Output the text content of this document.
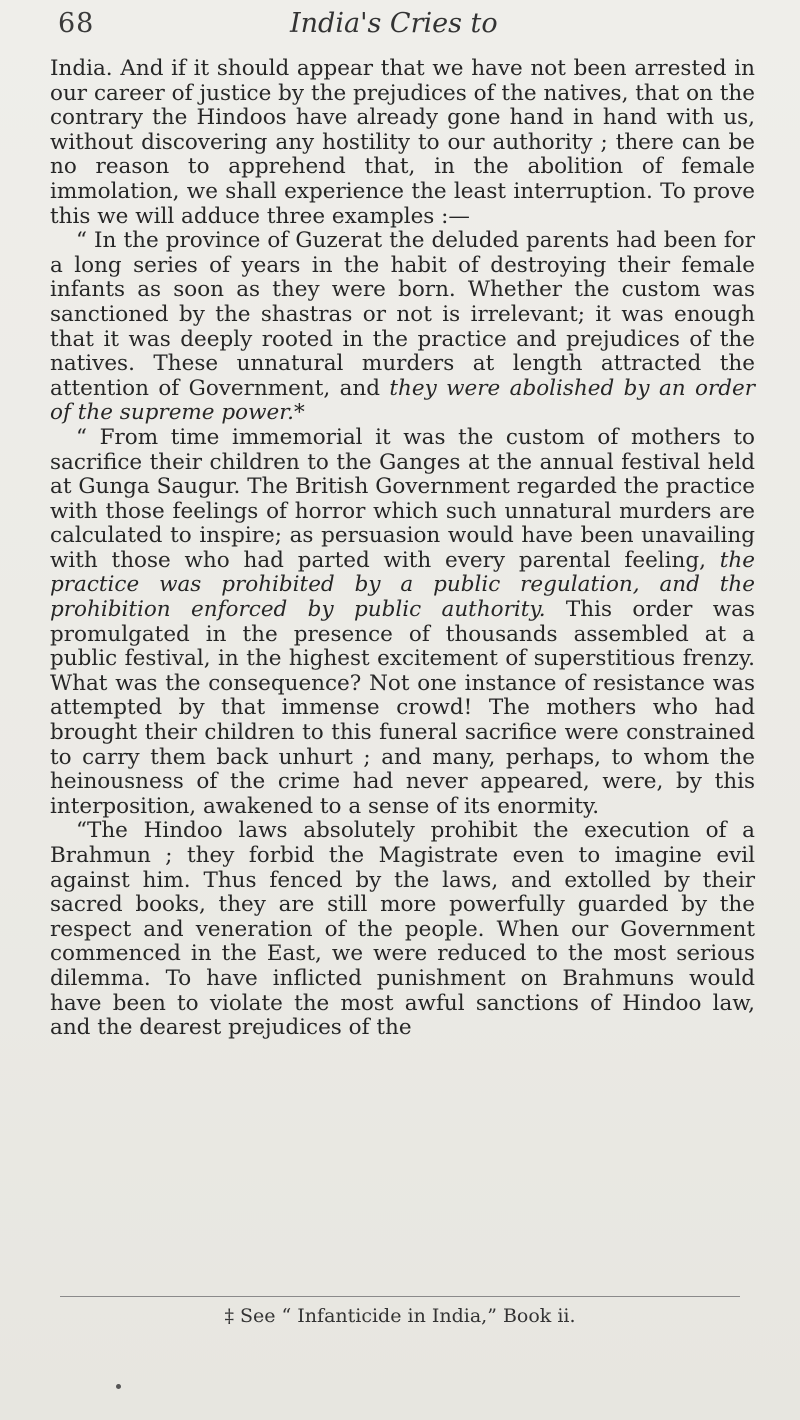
68	India's Cries to

India. And if it should appear that we have not been arrested in our career of justice by the prejudices of the natives, that on the contrary the Hindoos have already gone hand in hand with us, without discovering any hostility to our authority ; there can be no reason to apprehend that, in the abolition of female immolation, we shall experience the least interruption. To prove this we will adduce three examples :—

“ In the province of Guzerat the deluded parents had been for a long series of years in the habit of destroying their female infants as soon as they were born. Whether the custom was sanctioned by the shastras or not is irrelevant; it was enough that it was deeply rooted in the practice and prejudices of the natives. These unnatural murders at length attracted the attention of Government, and they were abolished by an order of the supreme power.*

“ From time immemorial it was the custom of mothers to sacrifice their children to the Ganges at the annual festival held at Gunga Saugur. The British Government regarded the practice with those feelings of horror which such unnatural murders are calculated to inspire; as persuasion would have been unavailing with those who had parted with every parental feeling, the practice was prohibited by a public regulation, and the prohibition enforced by public authority. This order was promulgated in the presence of thousands assembled at a public festival, in the highest excitement of superstitious frenzy. What was the consequence? Not one instance of resistance was attempted by that immense crowd! The mothers who had brought their children to this funeral sacrifice were constrained to carry them back unhurt ; and many, perhaps, to whom the heinousness of the crime had never appeared, were, by this interposition, awakened to a sense of its enormity.

“The Hindoo laws absolutely prohibit the execution of a Brahmun ; they forbid the Magistrate even to imagine evil against him. Thus fenced by the laws, and extolled by their sacred books, they are still more powerfully guarded by the respect and veneration of the people. When our Government commenced in the East, we were reduced to the most serious dilemma. To have inflicted punishment on Brahmuns would have been to violate the most awful sanctions of Hindoo law, and the dearest prejudices of the

‡ See “ Infanticide in India,” Book ii.
